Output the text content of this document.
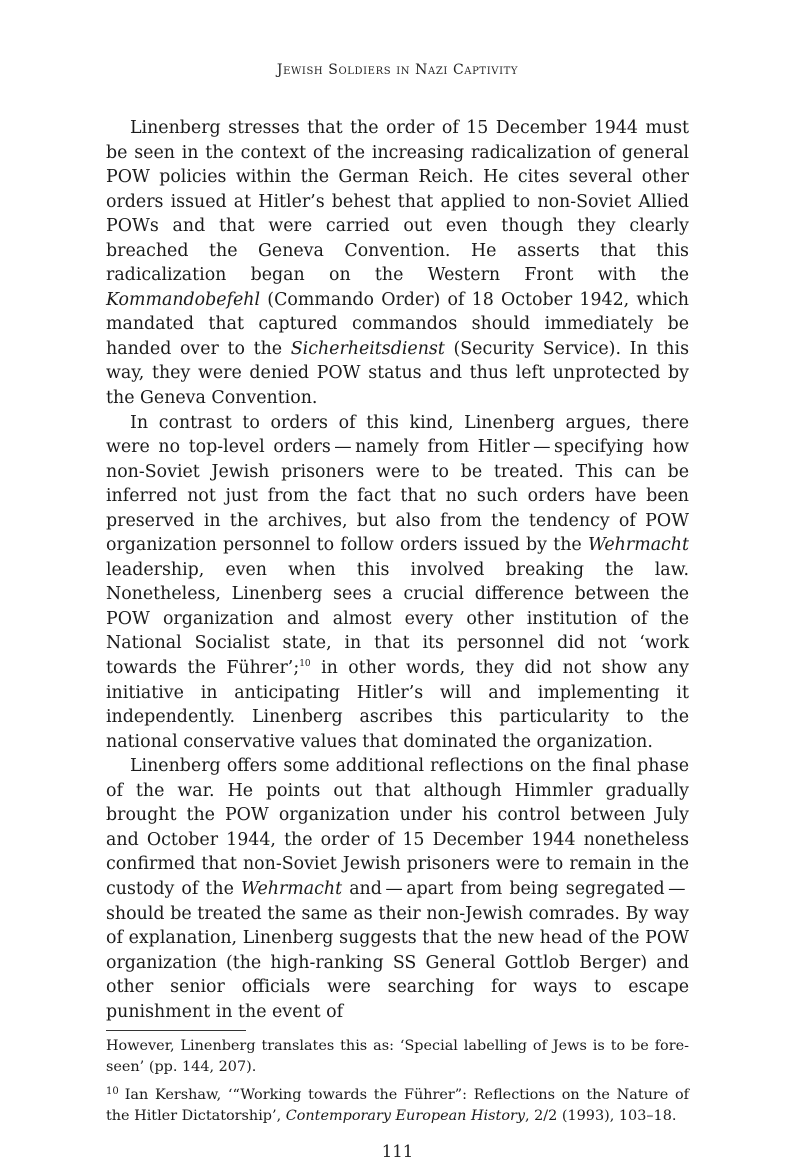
Jewish Soldiers in Nazi Captivity

Linenberg stresses that the order of 15 December 1944 must be seen in the context of the increasing radicalization of general POW policies within the German Reich. He cites several other orders issued at Hitler’s behest that applied to non-Soviet Allied POWs and that were carried out even though they clearly breached the Geneva Convention. He asserts that this radicalization began on the Western Front with the Kommandobefehl (Commando Order) of 18 October 1942, which mandated that captured commandos should immediately be handed over to the Sicherheitsdienst (Security Service). In this way, they were denied POW status and thus left unprotected by the Geneva Convention.

In contrast to orders of this kind, Linenberg argues, there were no top-level orders — namely from Hitler — specifying how non-Soviet Jewish prisoners were to be treated. This can be inferred not just from the fact that no such orders have been preserved in the archives, but also from the tendency of POW organization personnel to follow orders issued by the Wehrmacht leadership, even when this involved breaking the law. Nonetheless, Linenberg sees a crucial difference between the POW organization and almost every other institution of the National Socialist state, in that its personnel did not ‘work towards the Führer’;$^{10}$ in other words, they did not show any initiative in anticipating Hitler’s will and implementing it independently. Linenberg ascribes this particularity to the national conservative values that dominated the organization.

Linenberg offers some additional reflections on the final phase of the war. He points out that although Himmler gradually brought the POW organization under his control between July and October 1944, the order of 15 December 1944 nonetheless confirmed that non-Soviet Jewish prisoners were to remain in the custody of the Wehrmacht and — apart from being segregated — should be treated the same as their non-Jewish comrades. By way of explanation, Linenberg suggests that the new head of the POW organization (the high-ranking SS General Gottlob Berger) and other senior officials were searching for ways to escape punishment in the event of

However, Linenberg translates this as: ‘Special labelling of Jews is to be foreseen’ (pp. 144, 207).

$^{10}$ Ian Kershaw, ‘“Working towards the Führer”: Reflections on the Nature of the Hitler Dictatorship’, Contemporary European History, 2/2 (1993), 103–18.

111
